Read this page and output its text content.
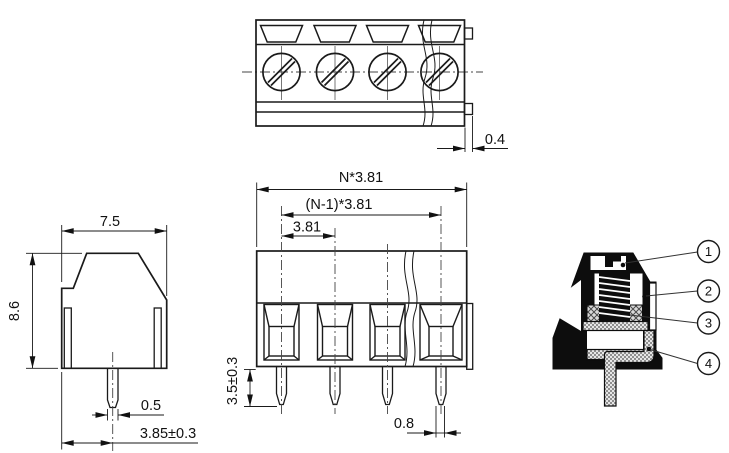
0.4
7.5
8.6
0.5
3.85±0.3
N*3.81
(N-1)*3.81
3.81
3.5±0.3
0.8
1
2
3
4
